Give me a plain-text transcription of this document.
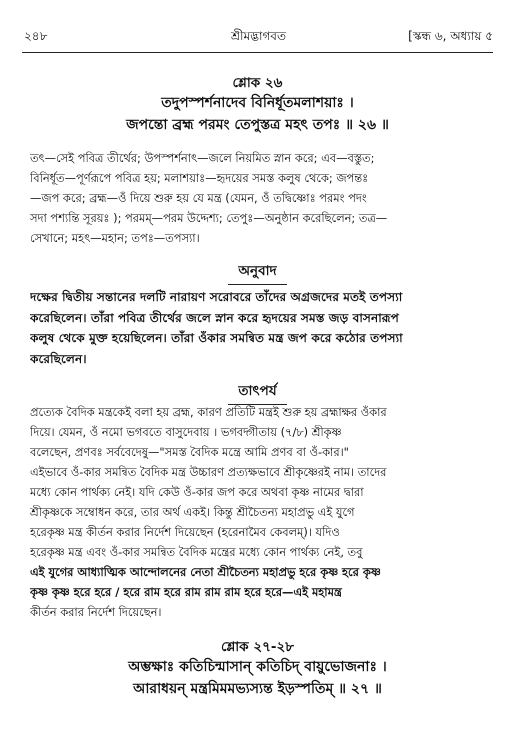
২৪৮	শ্রীমদ্ভাগবত	[স্কন্ধ ৬, অধ্যায় ৫
শ্লোক ২৬
তদুপস্পর্শনাদেব বিনির্ধূতমলাশয়াঃ ।
জপন্তো ব্রহ্ম পরমং তেপুস্তত্র মহৎ তপঃ ॥ ২৬ ॥
তৎ—সেই পবিত্র তীর্থের; উপস্পর্শনাৎ—জলে নিয়মিত স্নান করে; এব—বস্তুত;
বিনির্ধূত—পূর্ণরূপে পবিত্র হয়; মলাশয়াঃ—হৃদয়ের সমস্ত কলুষ থেকে; জপন্তঃ
—জপ করে; ব্রহ্ম—ওঁ দিয়ে শুরু হয় যে মন্ত্র (যেমন, ওঁ তদ্বিষ্ণোঃ পরমং পদং
সদা পশ্যন্তি সূরয়ঃ ); পরমম্—পরম উদ্দেশ্য; তেপুঃ—অনুষ্ঠান করেছিলেন; তত্র—
সেখানে; মহৎ—মহান; তপঃ—তপস্যা।
অনুবাদ
দক্ষের দ্বিতীয় সন্তানের দলটি নারায়ণ সরোবরে তাঁদের অগ্রজদের মতই তপস্যা
করেছিলেন। তাঁরা পবিত্র তীর্থের জলে স্নান করে হৃদয়ের সমস্ত জড় বাসনারূপ
কলুষ থেকে মুক্ত হয়েছিলেন। তাঁরা ওঁকার সমন্বিত মন্ত্র জপ করে কঠোর তপস্যা
করেছিলেন।
তাৎপর্য
প্রত্যেক বৈদিক মন্ত্রকেই বলা হয় ব্রহ্ম, কারণ প্রতিটি মন্ত্রই শুরু হয় ব্রহ্মাক্ষর ওঁকার
দিয়ে। যেমন, ওঁ নমো ভগবতে বাসুদেবায় । ভগবদ্গীতায় (৭/৮) শ্রীকৃষ্ণ
বলেছেন, প্রণবঃ সর্ববেদেষু—"সমস্ত বৈদিক মন্ত্রে আমি প্রণব বা ওঁ-কার।"
এইভাবে ওঁ-কার সমন্বিত বৈদিক মন্ত্র উচ্চারণ প্রত্যক্ষভাবে শ্রীকৃষ্ণেরই নাম। তাদের
মধ্যে কোন পার্থক্য নেই। যদি কেউ ওঁ-কার জপ করে অথবা কৃষ্ণ নামের দ্বারা
শ্রীকৃষ্ণকে সম্বোধন করে, তার অর্থ একই। কিন্তু শ্রীচৈতন্য মহাপ্রভু এই যুগে
হরেকৃষ্ণ মন্ত্র কীর্তন করার নির্দেশ দিয়েছেন (হরেনামৈব কেবলম্)। যদিও
হরেকৃষ্ণ মন্ত্র এবং ওঁ-কার সমন্বিত বৈদিক মন্ত্রের মধ্যে কোন পার্থক্য নেই, তবু
এই যুগের আধ্যাত্মিক আন্দোলনের নেতা শ্রীচৈতন্য মহাপ্রভু হরে কৃষ্ণ হরে কৃষ্ণ
কৃষ্ণ কৃষ্ণ হরে হরে / হরে রাম হরে রাম রাম রাম হরে হরে—এই মহামন্ত্র
কীর্তন করার নির্দেশ দিয়েছেন।
শ্লোক ২৭-২৮
অম্ভক্ষাঃ কতিচিন্মাসান্ কতিচিদ্ বায়ুভোজনাঃ ।
আরাধয়ন্ মন্ত্রমিমমভ্যস্যন্ত ইড়স্পতিম্ ॥ ২৭ ॥
